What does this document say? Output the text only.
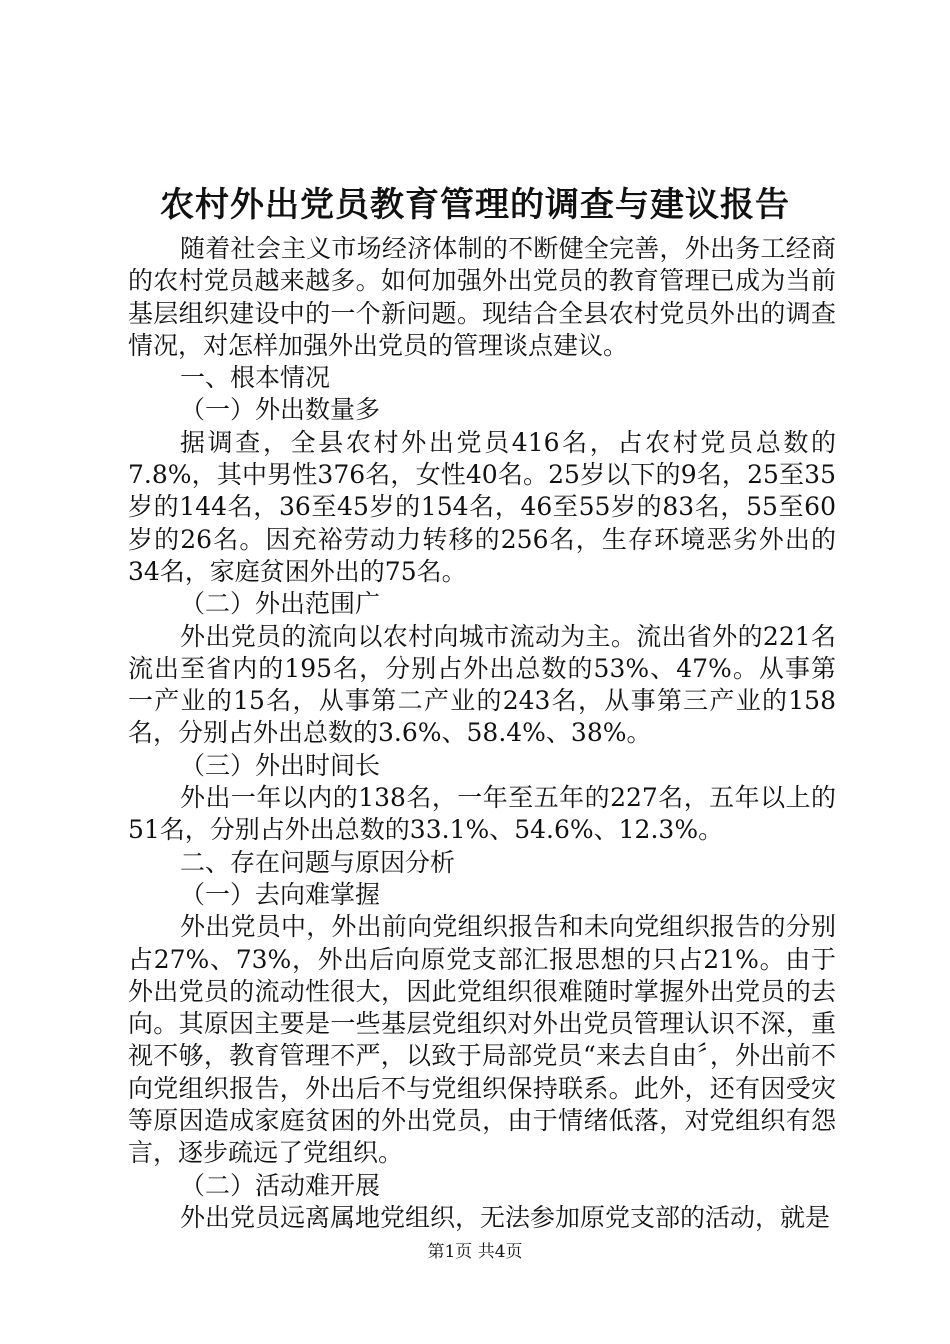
农村外出党员教育管理的调查与建议报告

随着社会主义市场经济体制的不断健全完善，外出务工经商的农村党员越来越多。如何加强外出党员的教育管理已成为当前基层组织建设中的一个新问题。现结合全县农村党员外出的调查情况，对怎样加强外出党员的管理谈点建议。

一、根本情况

（一）外出数量多

据调查，全县农村外出党员416名，占农村党员总数的7.8%，其中男性376名，女性40名。25岁以下的9名，25至35岁的144名，36至45岁的154名，46至55岁的83名，55至60岁的26名。因充裕劳动力转移的256名，生存环境恶劣外出的34名，家庭贫困外出的75名。

（二）外出范围广

外出党员的流向以农村向城市流动为主。流出省外的221名流出至省内的195名，分别占外出总数的53%、47%。从事第一产业的15名，从事第二产业的243名，从事第三产业的158名，分别占外出总数的3.6%、58.4%、38%。

（三）外出时间长

外出一年以内的138名，一年至五年的227名，五年以上的51名，分别占外出总数的33.1%、54.6%、12.3%。

二、存在问题与原因分析

（一）去向难掌握

外出党员中，外出前向党组织报告和未向党组织报告的分别占27%、73%，外出后向原党支部汇报思想的只占21%。由于外出党员的流动性很大，因此党组织很难随时掌握外出党员的去向。其原因主要是一些基层党组织对外出党员管理认识不深，重视不够，教育管理不严，以致于局部党员“来去自由〞，外出前不向党组织报告，外出后不与党组织保持联系。此外，还有因受灾等原因造成家庭贫困的外出党员，由于情绪低落，对党组织有怨言，逐步疏远了党组织。

（二）活动难开展

外出党员远离属地党组织，无法参加原党支部的活动，就是

第1页 共4页
